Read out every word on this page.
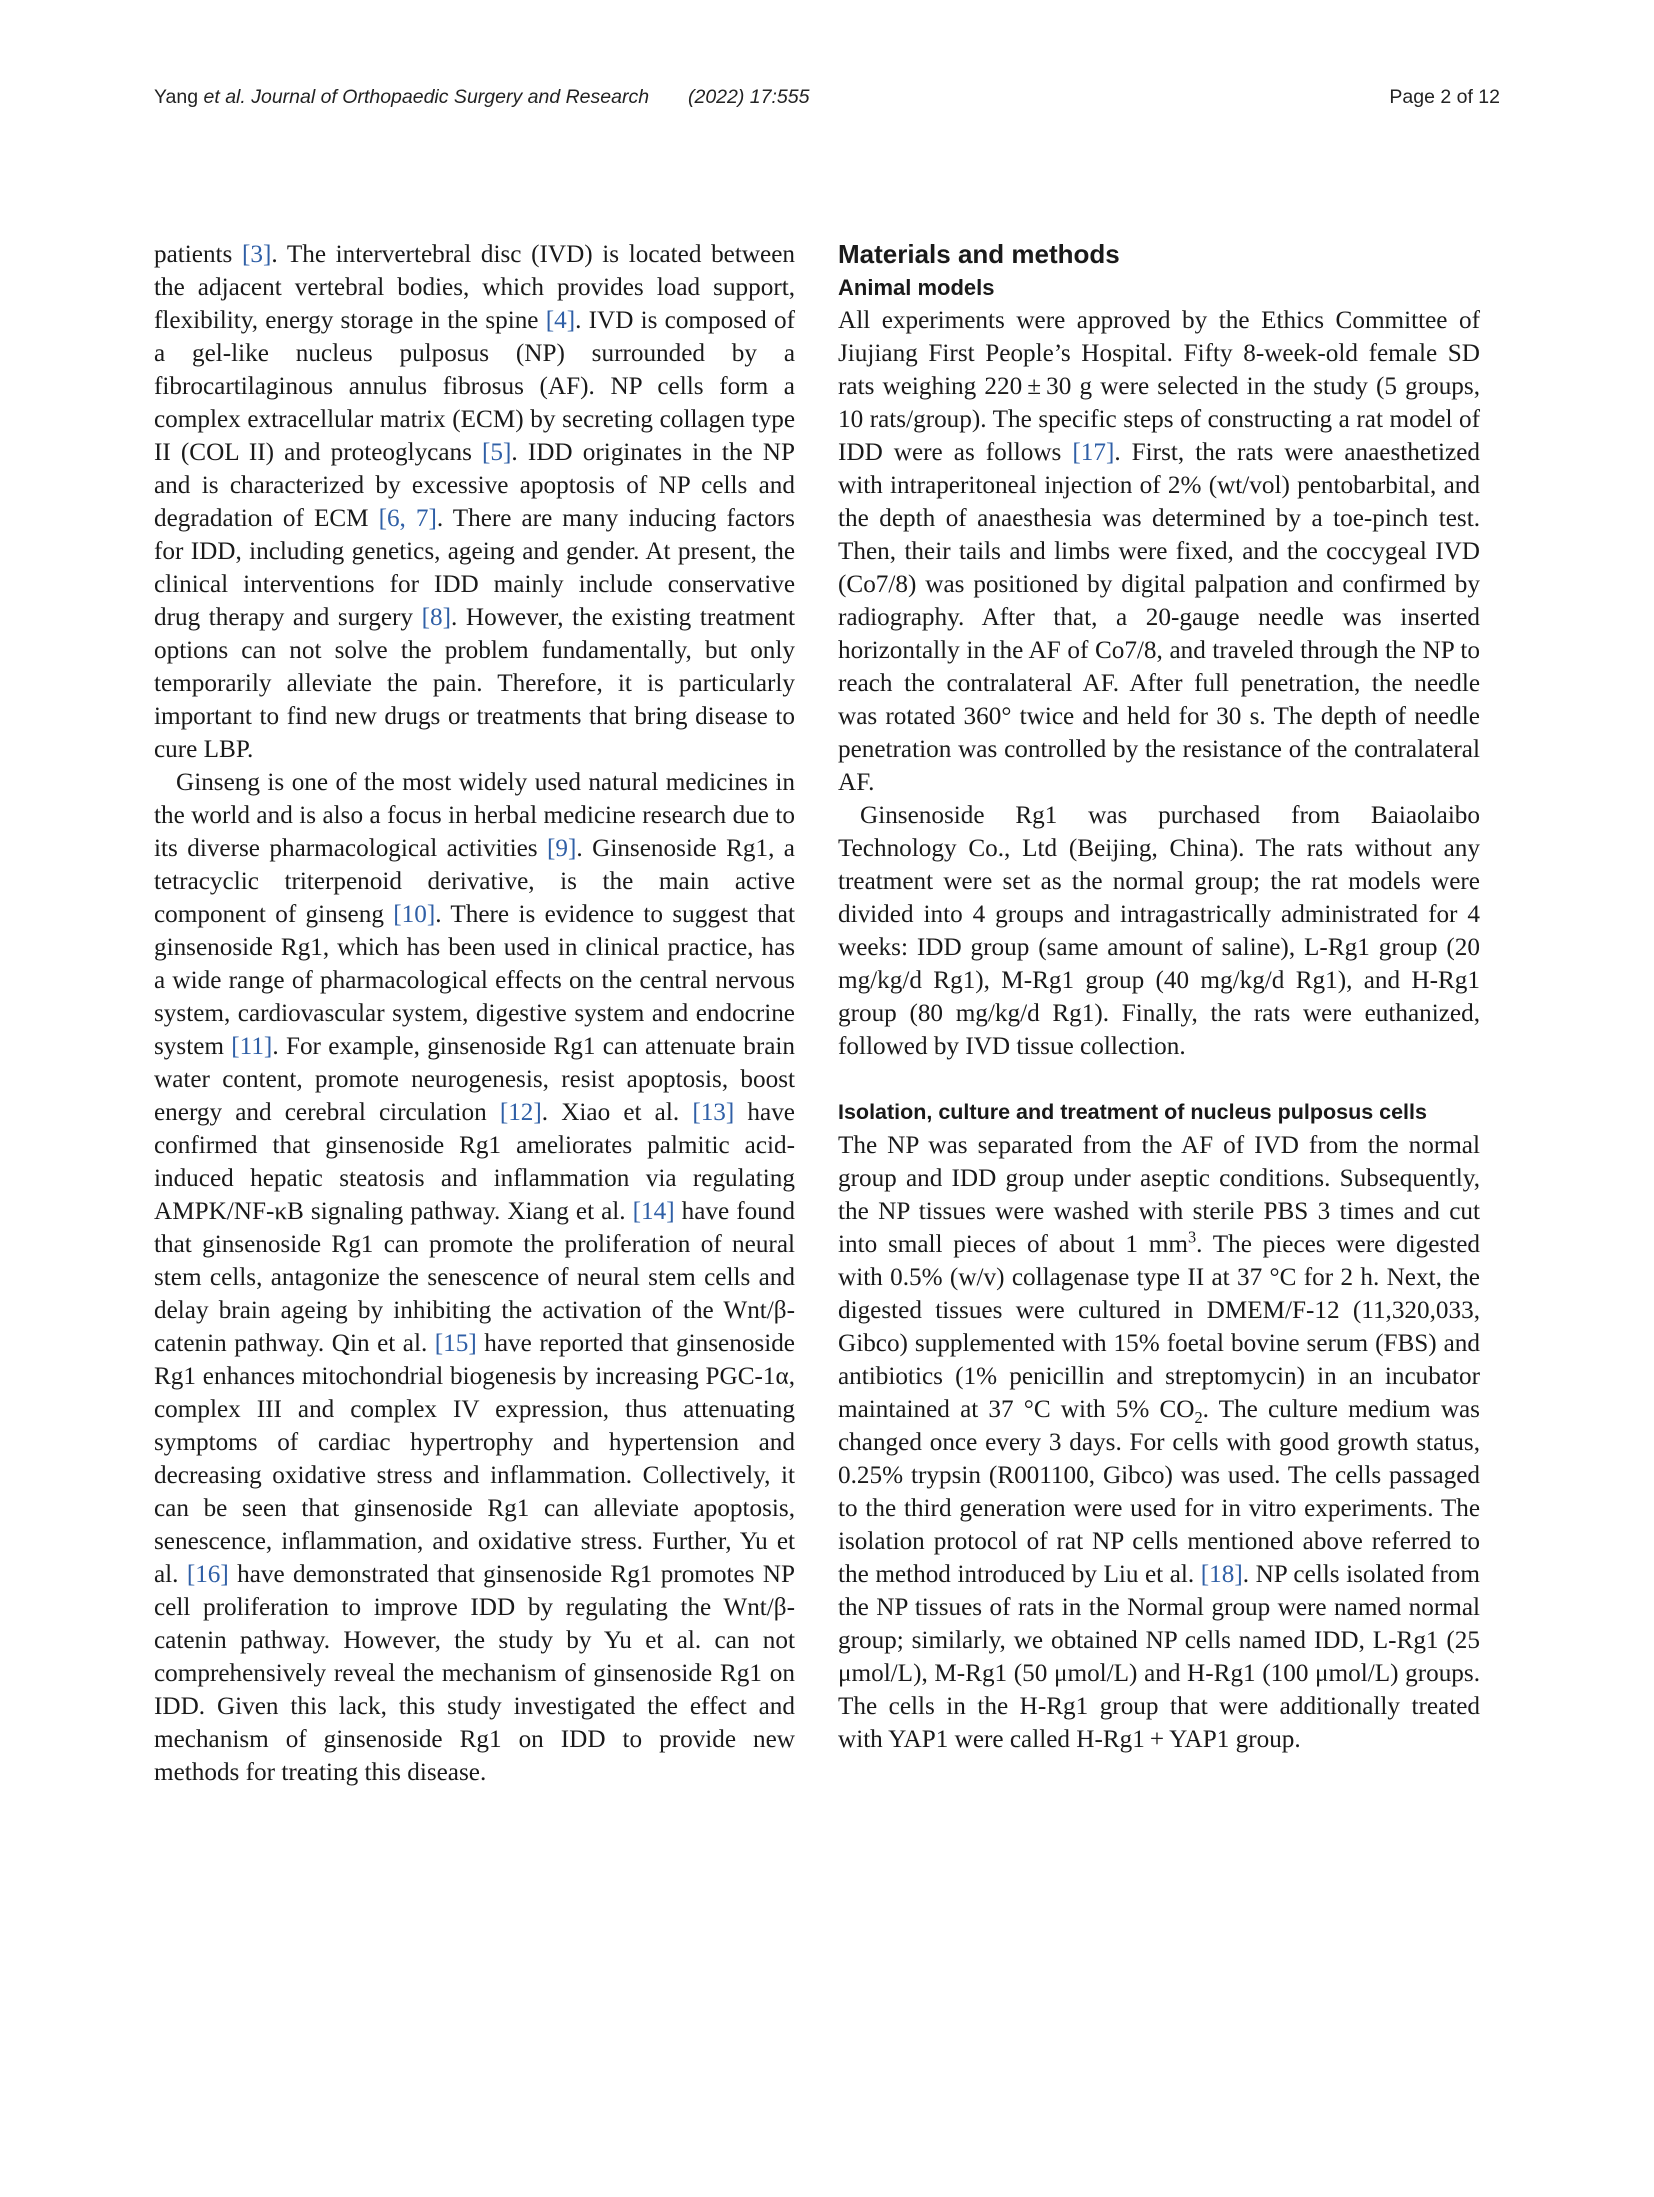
Yang et al. Journal of Orthopaedic Surgery and Research (2022) 17:555	Page 2 of 12

patients [3]. The intervertebral disc (IVD) is located between the adjacent vertebral bodies, which provides load support, flexibility, energy storage in the spine [4]. IVD is composed of a gel-like nucleus pulposus (NP) surrounded by a fibrocartilaginous annulus fibrosus (AF). NP cells form a complex extracellular matrix (ECM) by secreting collagen type II (COL II) and proteoglycans [5]. IDD originates in the NP and is characterized by excessive apoptosis of NP cells and degradation of ECM [6, 7]. There are many inducing factors for IDD, including genetics, ageing and gender. At present, the clinical interventions for IDD mainly include conservative drug therapy and surgery [8]. However, the existing treatment options can not solve the problem fundamentally, but only temporarily alleviate the pain. Therefore, it is particularly important to find new drugs or treatments that bring disease to cure LBP.

Ginseng is one of the most widely used natural medicines in the world and is also a focus in herbal medicine research due to its diverse pharmacological activities [9]. Ginsenoside Rg1, a tetracyclic triterpenoid derivative, is the main active component of ginseng [10]. There is evidence to suggest that ginsenoside Rg1, which has been used in clinical practice, has a wide range of pharmacological effects on the central nervous system, cardiovascular system, digestive system and endocrine system [11]. For example, ginsenoside Rg1 can attenuate brain water content, promote neurogenesis, resist apoptosis, boost energy and cerebral circulation [12]. Xiao et al. [13] have confirmed that ginsenoside Rg1 ameliorates palmitic acid-induced hepatic steatosis and inflammation via regulating AMPK/NF-κB signaling pathway. Xiang et al. [14] have found that ginsenoside Rg1 can promote the proliferation of neural stem cells, antagonize the senescence of neural stem cells and delay brain ageing by inhibiting the activation of the Wnt/β-catenin pathway. Qin et al. [15] have reported that ginsenoside Rg1 enhances mitochondrial biogenesis by increasing PGC-1α, complex III and complex IV expression, thus attenuating symptoms of cardiac hypertrophy and hypertension and decreasing oxidative stress and inflammation. Collectively, it can be seen that ginsenoside Rg1 can alleviate apoptosis, senescence, inflammation, and oxidative stress. Further, Yu et al. [16] have demonstrated that ginsenoside Rg1 promotes NP cell proliferation to improve IDD by regulating the Wnt/β-catenin pathway. However, the study by Yu et al. can not comprehensively reveal the mechanism of ginsenoside Rg1 on IDD. Given this lack, this study investigated the effect and mechanism of ginsenoside Rg1 on IDD to provide new methods for treating this disease.

Materials and methods
Animal models

All experiments were approved by the Ethics Committee of Jiujiang First People’s Hospital. Fifty 8-week-old female SD rats weighing 220 ± 30 g were selected in the study (5 groups, 10 rats/group). The specific steps of constructing a rat model of IDD were as follows [17]. First, the rats were anaesthetized with intraperitoneal injection of 2% (wt/vol) pentobarbital, and the depth of anaesthesia was determined by a toe-pinch test. Then, their tails and limbs were fixed, and the coccygeal IVD (Co7/8) was positioned by digital palpation and confirmed by radiography. After that, a 20-gauge needle was inserted horizontally in the AF of Co7/8, and traveled through the NP to reach the contralateral AF. After full penetration, the needle was rotated 360° twice and held for 30 s. The depth of needle penetration was controlled by the resistance of the contralateral AF.

Ginsenoside Rg1 was purchased from Baiaolaibo Technology Co., Ltd (Beijing, China). The rats without any treatment were set as the normal group; the rat models were divided into 4 groups and intragastrically administrated for 4 weeks: IDD group (same amount of saline), L-Rg1 group (20 mg/kg/d Rg1), M-Rg1 group (40 mg/kg/d Rg1), and H-Rg1 group (80 mg/kg/d Rg1). Finally, the rats were euthanized, followed by IVD tissue collection.

Isolation, culture and treatment of nucleus pulposus cells

The NP was separated from the AF of IVD from the normal group and IDD group under aseptic conditions. Subsequently, the NP tissues were washed with sterile PBS 3 times and cut into small pieces of about 1 $mm^3$. The pieces were digested with 0.5% (w/v) collagenase type II at 37 °C for 2 h. Next, the digested tissues were cultured in DMEM/F-12 (11,320,033, Gibco) supplemented with 15% foetal bovine serum (FBS) and antibiotics (1% penicillin and streptomycin) in an incubator maintained at 37 °C with 5% $CO_2$. The culture medium was changed once every 3 days. For cells with good growth status, 0.25% trypsin (R001100, Gibco) was used. The cells passaged to the third generation were used for in vitro experiments. The isolation protocol of rat NP cells mentioned above referred to the method introduced by Liu et al. [18]. NP cells isolated from the NP tissues of rats in the Normal group were named normal group; similarly, we obtained NP cells named IDD, L-Rg1 (25 μmol/L), M-Rg1 (50 μmol/L) and H-Rg1 (100 μmol/L) groups. The cells in the H-Rg1 group that were additionally treated with YAP1 were called H-Rg1 + YAP1 group.
